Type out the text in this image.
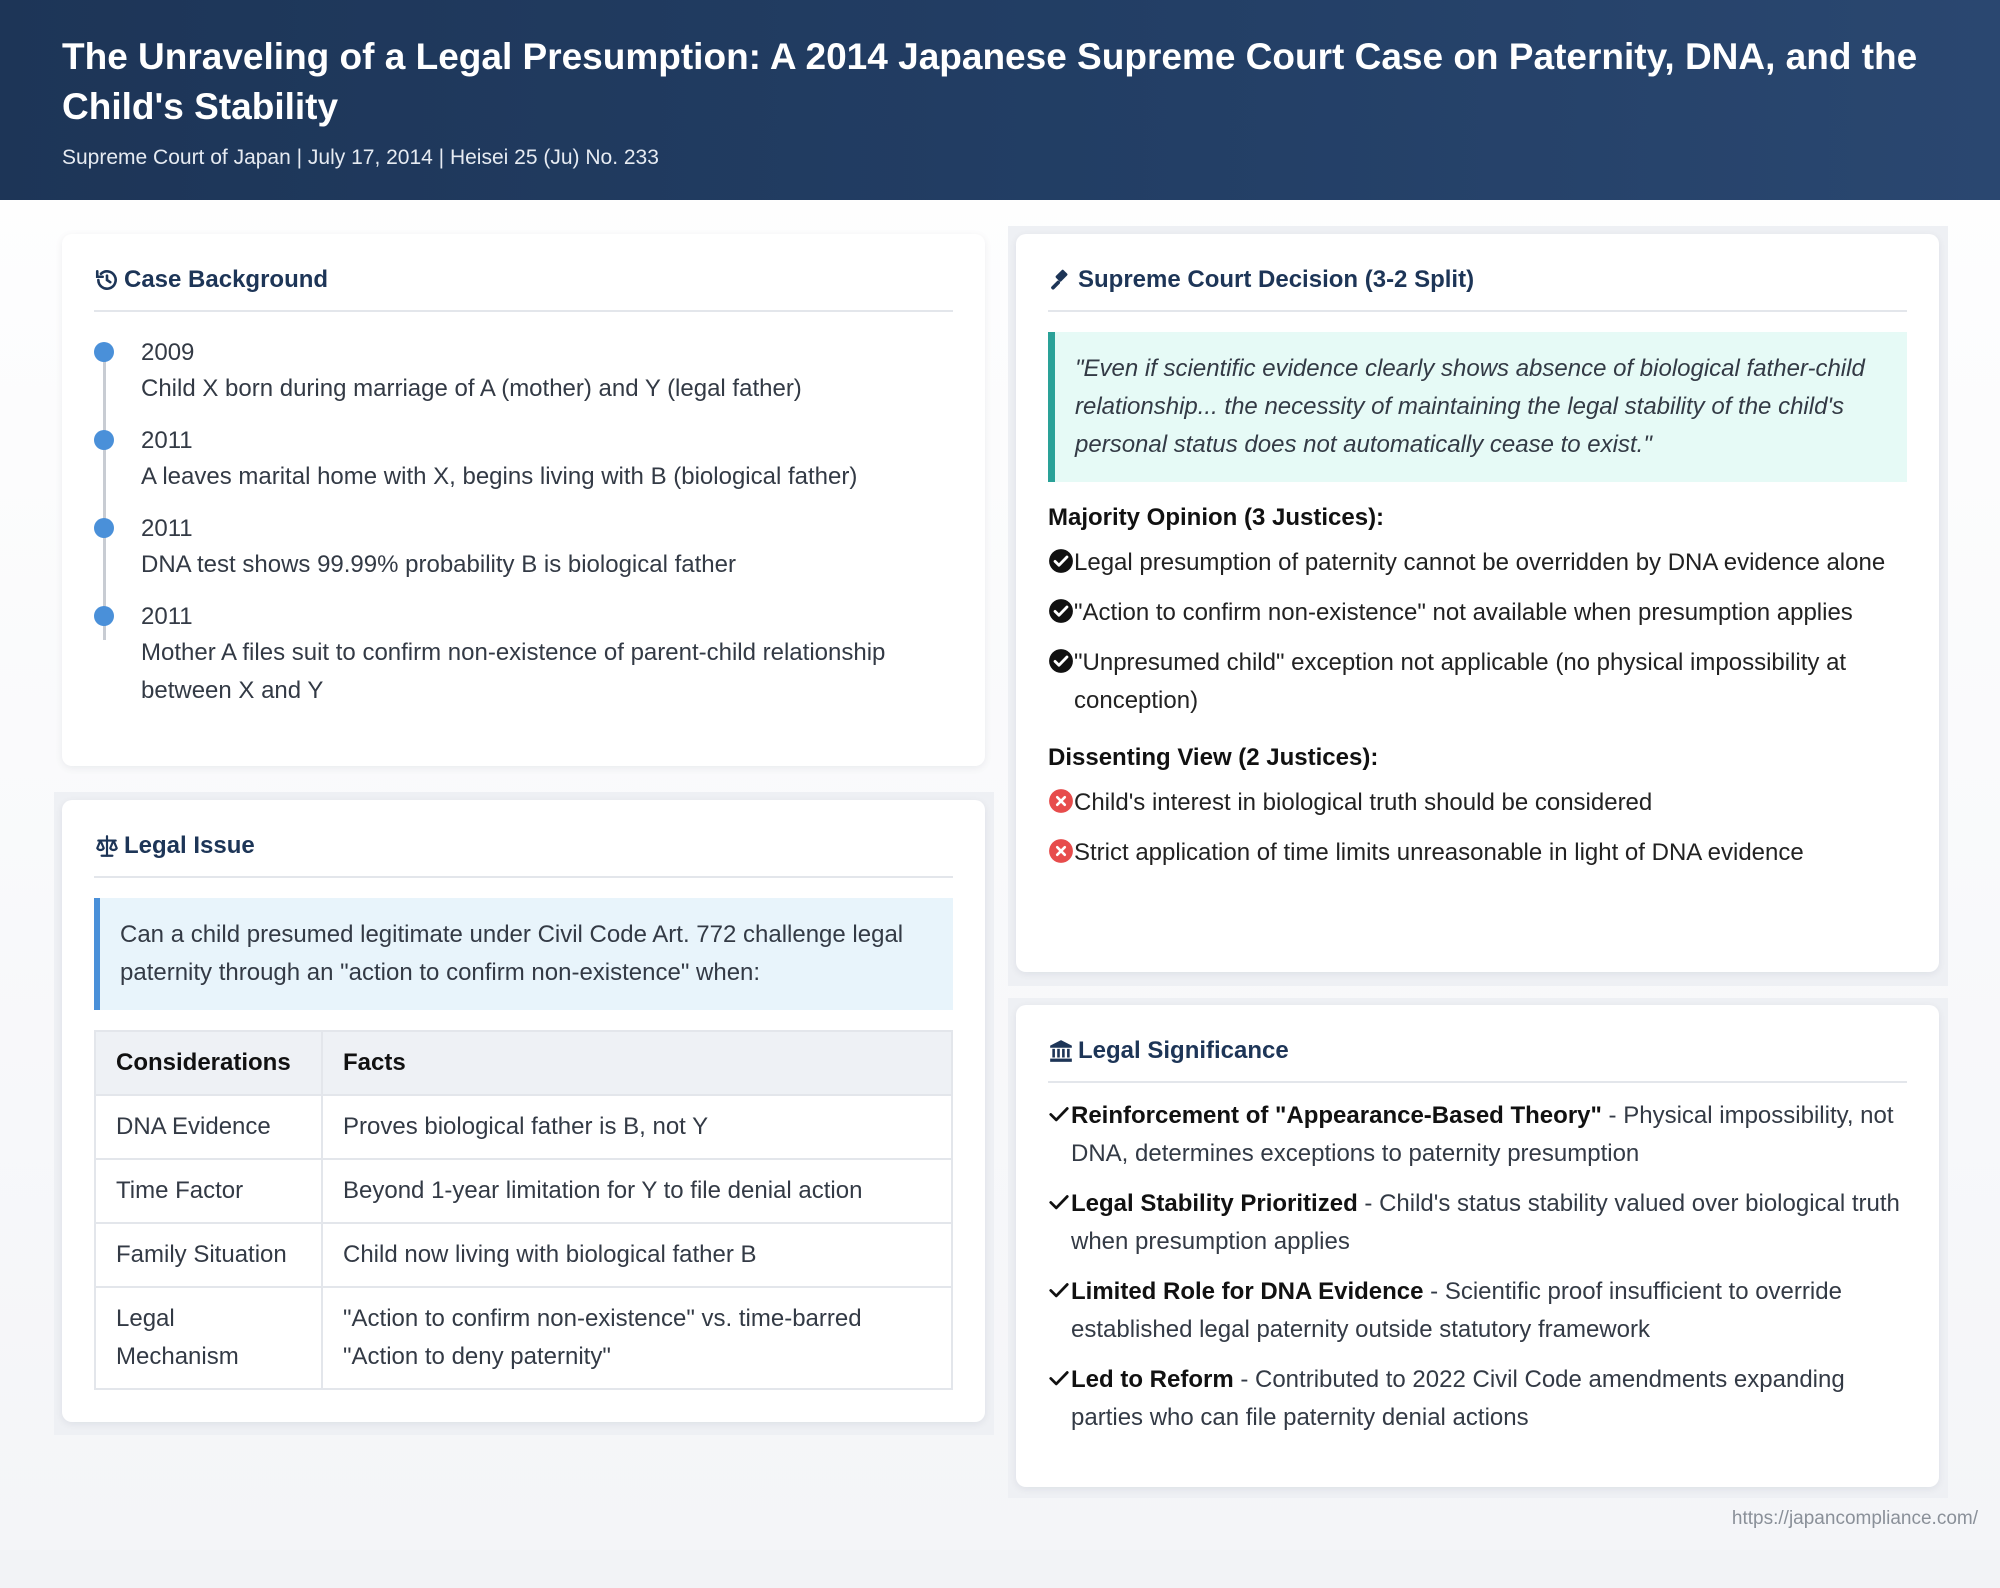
The Unraveling of a Legal Presumption: A 2014 Japanese Supreme Court Case on Paternity, DNA, and the Child's Stability
Supreme Court of Japan | July 17, 2014 | Heisei 25 (Ju) No. 233
Case Background
2009
Child X born during marriage of A (mother) and Y (legal father)
2011
A leaves marital home with X, begins living with B (biological father)
2011
DNA test shows 99.99% probability B is biological father
2011
Mother A files suit to confirm non-existence of parent-child relationship between X and Y
Legal Issue
Can a child presumed legitimate under Civil Code Art. 772 challenge legal paternity through an "action to confirm non-existence" when:
Considerations	Facts
DNA Evidence	Proves biological father is B, not Y
Time Factor	Beyond 1-year limitation for Y to file denial action
Family Situation	Child now living with biological father B
Legal Mechanism	"Action to confirm non-existence" vs. time-barred "Action to deny paternity"
Supreme Court Decision (3-2 Split)
"Even if scientific evidence clearly shows absence of biological father-child relationship... the necessity of maintaining the legal stability of the child's personal status does not automatically cease to exist."
Majority Opinion (3 Justices):
Legal presumption of paternity cannot be overridden by DNA evidence alone
"Action to confirm non-existence" not available when presumption applies
"Unpresumed child" exception not applicable (no physical impossibility at conception)
Dissenting View (2 Justices):
Child's interest in biological truth should be considered
Strict application of time limits unreasonable in light of DNA evidence
Legal Significance
Reinforcement of "Appearance-Based Theory" - Physical impossibility, not DNA, determines exceptions to paternity presumption
Legal Stability Prioritized - Child's status stability valued over biological truth when presumption applies
Limited Role for DNA Evidence - Scientific proof insufficient to override established legal paternity outside statutory framework
Led to Reform - Contributed to 2022 Civil Code amendments expanding parties who can file paternity denial actions
https://japancompliance.com/
